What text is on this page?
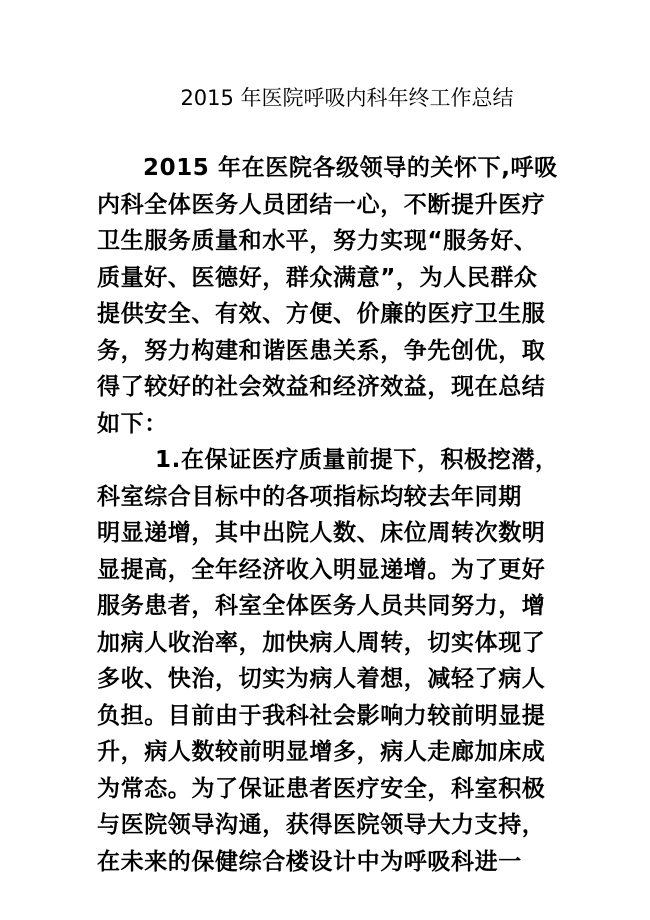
2015 年医院呼吸内科年终工作总结
2015 年在医院各级领导的关怀下,呼吸
内科全体医务人员团结一心，不断提升医疗
卫生服务质量和水平，努力实现“服务好、
质量好、医德好，群众满意”，为人民群众
提供安全、有效、方便、价廉的医疗卫生服
务，努力构建和谐医患关系，争先创优，取
得了较好的社会效益和经济效益，现在总结
如下：
1.在保证医疗质量前提下，积极挖潜，
科室综合目标中的各项指标均较去年同期
明显递增，其中出院人数、床位周转次数明
显提高，全年经济收入明显递增。为了更好
服务患者，科室全体医务人员共同努力，增
加病人收治率，加快病人周转，切实体现了
多收、快治，切实为病人着想，减轻了病人
负担。目前由于我科社会影响力较前明显提
升，病人数较前明显增多，病人走廊加床成
为常态。为了保证患者医疗安全，科室积极
与医院领导沟通，获得医院领导大力支持，
在未来的保健综合楼设计中为呼吸科进一
